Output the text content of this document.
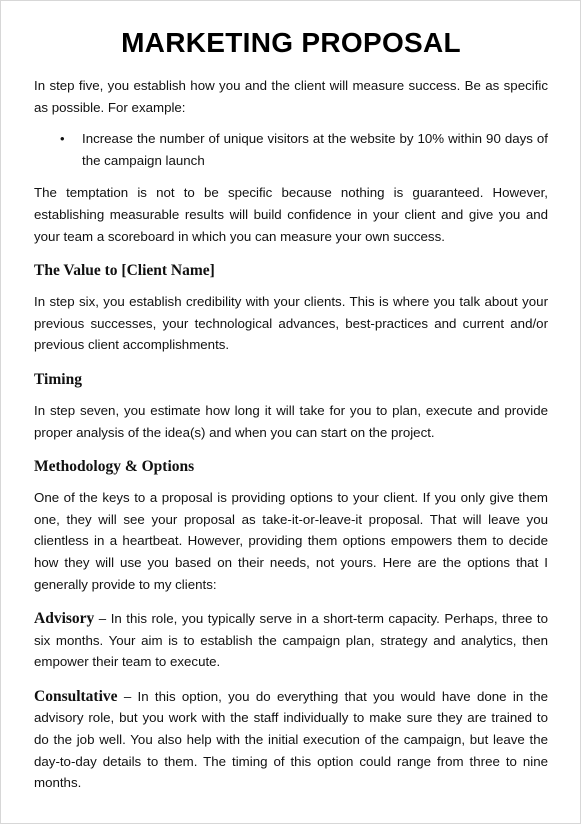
MARKETING PROPOSAL

In step five, you establish how you and the client will measure success. Be as specific as possible. For example:

• Increase the number of unique visitors at the website by 10% within 90 days of the campaign launch

The temptation is not to be specific because nothing is guaranteed. However, establishing measurable results will build confidence in your client and give you and your team a scoreboard in which you can measure your own success.

The Value to [Client Name]

In step six, you establish credibility with your clients. This is where you talk about your previous successes, your technological advances, best-practices and current and/or previous client accomplishments.

Timing

In step seven, you estimate how long it will take for you to plan, execute and provide proper analysis of the idea(s) and when you can start on the project.

Methodology & Options

One of the keys to a proposal is providing options to your client. If you only give them one, they will see your proposal as take-it-or-leave-it proposal. That will leave you clientless in a heartbeat. However, providing them options empowers them to decide how they will use you based on their needs, not yours. Here are the options that I generally provide to my clients:

Advisory – In this role, you typically serve in a short-term capacity. Perhaps, three to six months. Your aim is to establish the campaign plan, strategy and analytics, then empower their team to execute.

Consultative – In this option, you do everything that you would have done in the advisory role, but you work with the staff individually to make sure they are trained to do the job well. You also help with the initial execution of the campaign, but leave the day-to-day details to them. The timing of this option could range from three to nine months.
